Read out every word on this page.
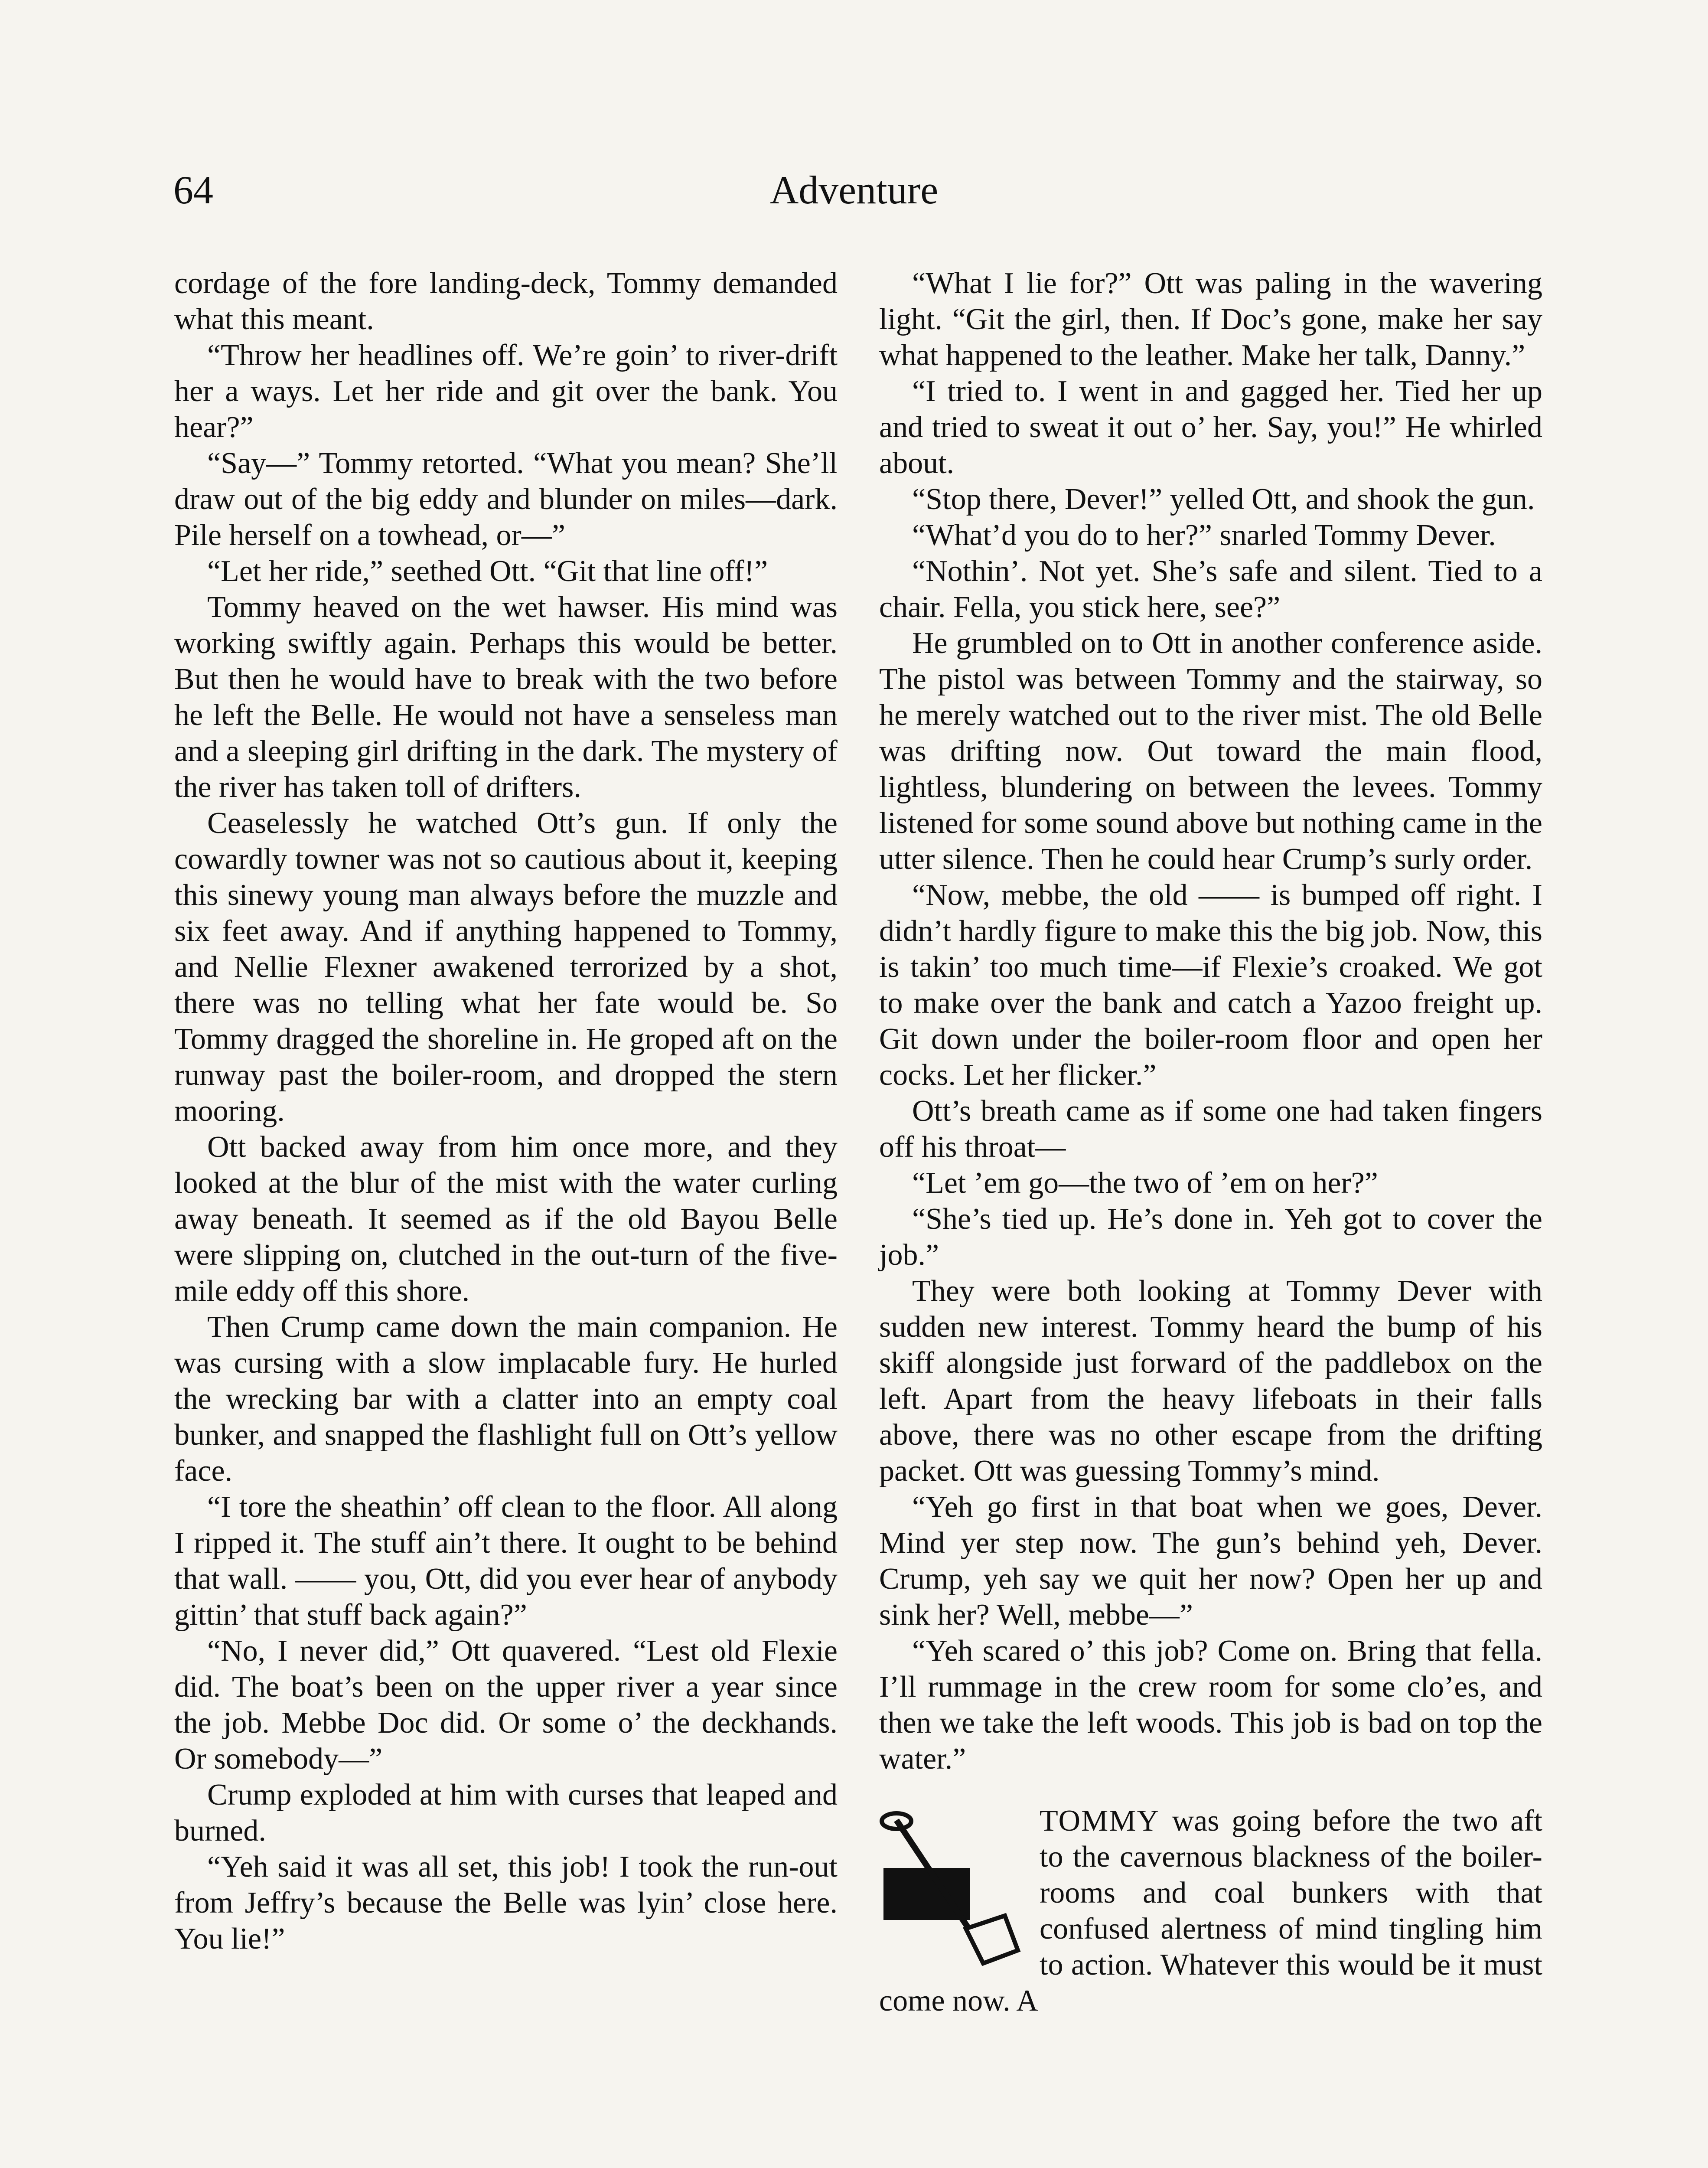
64	Adventure

cordage of the fore landing-deck, Tommy demanded what this meant.

“Throw her headlines off. We’re goin’ to river-drift her a ways. Let her ride and git over the bank. You hear?”

“Say—” Tommy retorted. “What you mean? She’ll draw out of the big eddy and blunder on miles—dark. Pile herself on a towhead, or—”

“Let her ride,” seethed Ott. “Git that line off!”

Tommy heaved on the wet hawser. His mind was working swiftly again. Perhaps this would be better. But then he would have to break with the two before he left the Belle. He would not have a senseless man and a sleeping girl drifting in the dark. The mystery of the river has taken toll of drifters.

Ceaselessly he watched Ott’s gun. If only the cowardly towner was not so cautious about it, keeping this sinewy young man always before the muzzle and six feet away. And if anything happened to Tommy, and Nellie Flexner awakened terrorized by a shot, there was no telling what her fate would be. So Tommy dragged the shoreline in. He groped aft on the runway past the boiler-room, and dropped the stern mooring.

Ott backed away from him once more, and they looked at the blur of the mist with the water curling away beneath. It seemed as if the old Bayou Belle were slipping on, clutched in the out-turn of the five-mile eddy off this shore.

Then Crump came down the main companion. He was cursing with a slow implacable fury. He hurled the wrecking bar with a clatter into an empty coal bunker, and snapped the flashlight full on Ott’s yellow face.

“I tore the sheathin’ off clean to the floor. All along I ripped it. The stuff ain’t there. It ought to be behind that wall. —— you, Ott, did you ever hear of anybody gittin’ that stuff back again?”

“No, I never did,” Ott quavered. “Lest old Flexie did. The boat’s been on the upper river a year since the job. Mebbe Doc did. Or some o’ the deckhands. Or somebody—”

Crump exploded at him with curses that leaped and burned.

“Yeh said it was all set, this job! I took the run-out from Jeffry’s because the Belle was lyin’ close here. You lie!”

“What I lie for?” Ott was paling in the wavering light. “Git the girl, then. If Doc’s gone, make her say what happened to the leather. Make her talk, Danny.”

“I tried to. I went in and gagged her. Tied her up and tried to sweat it out o’ her. Say, you!” He whirled about.

“Stop there, Dever!” yelled Ott, and shook the gun.

“What’d you do to her?” snarled Tommy Dever.

“Nothin’. Not yet. She’s safe and silent. Tied to a chair. Fella, you stick here, see?”

He grumbled on to Ott in another conference aside. The pistol was between Tommy and the stairway, so he merely watched out to the river mist. The old Belle was drifting now. Out toward the main flood, lightless, blundering on between the levees. Tommy listened for some sound above but nothing came in the utter silence. Then he could hear Crump’s surly order.

“Now, mebbe, the old —— is bumped off right. I didn’t hardly figure to make this the big job. Now, this is takin’ too much time—if Flexie’s croaked. We got to make over the bank and catch a Yazoo freight up. Git down under the boiler-room floor and open her cocks. Let her flicker.”

Ott’s breath came as if some one had taken fingers off his throat—

“Let ’em go—the two of ’em on her?”

“She’s tied up. He’s done in. Yeh got to cover the job.”

They were both looking at Tommy Dever with sudden new interest. Tommy heard the bump of his skiff alongside just forward of the paddlebox on the left. Apart from the heavy lifeboats in their falls above, there was no other escape from the drifting packet. Ott was guessing Tommy’s mind.

“Yeh go first in that boat when we goes, Dever. Mind yer step now. The gun’s behind yeh, Dever. Crump, yeh say we quit her now? Open her up and sink her? Well, mebbe—”

“Yeh scared o’ this job? Come on. Bring that fella. I’ll rummage in the crew room for some clo’es, and then we take the left woods. This job is bad on top the water.”

TOMMY was going before the two aft to the cavernous blackness of the boiler-rooms and coal bunkers with that confused alertness of mind tingling him to action. Whatever this would be it must come now. A
